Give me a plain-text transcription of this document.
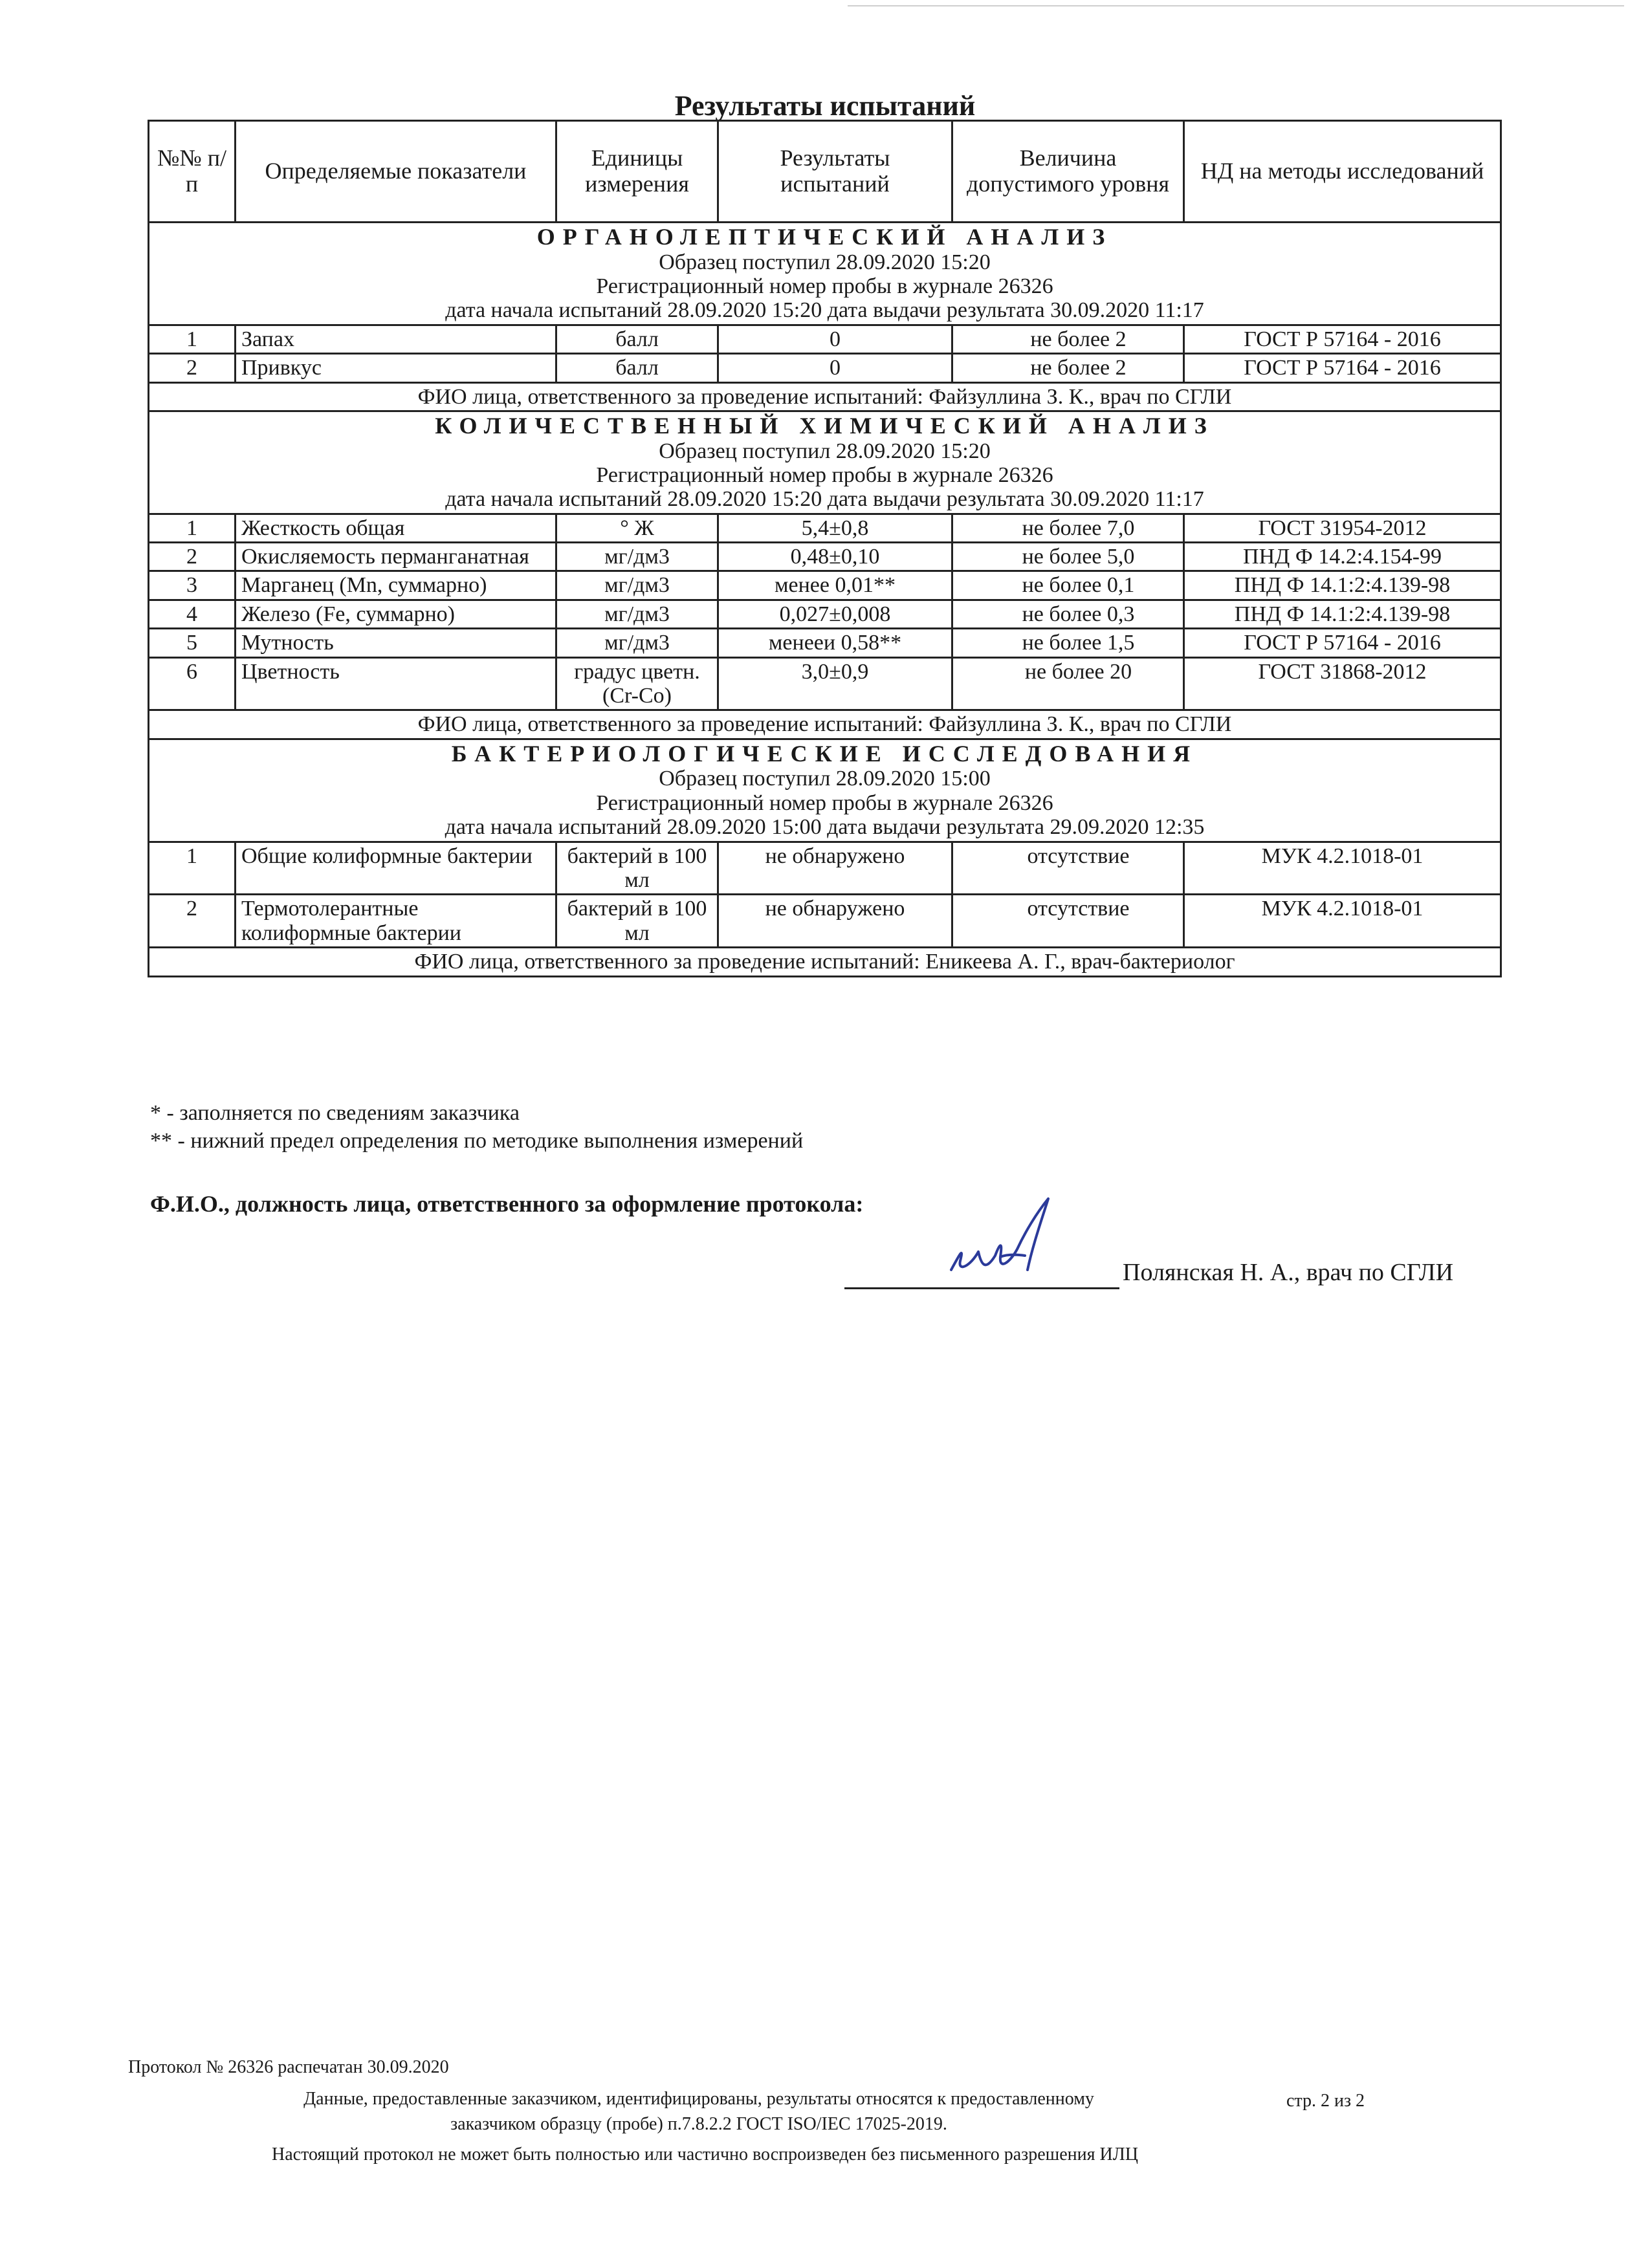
Результаты испытаний
№№ п/п	Определяемые показатели	Единицы измерения	Результаты испытаний	Величина допустимого уровня	НД на методы исследований

ОРГАНОЛЕПТИЧЕСКИЙ АНАЛИЗ
Образец поступил 28.09.2020 15:20
Регистрационный номер пробы в журнале 26326
дата начала испытаний 28.09.2020 15:20 дата выдачи результата 30.09.2020 11:17					

1	Запах	балл	0	не более 2	ГОСТ Р 57164 - 2016
2	Привкус	балл	0	не более 2	ГОСТ Р 57164 - 2016
ФИО лица, ответственного за проведение испытаний: Файзуллина З. К., врач по СГЛИ					

КОЛИЧЕСТВЕННЫЙ ХИМИЧЕСКИЙ АНАЛИЗ
Образец поступил 28.09.2020 15:20
Регистрационный номер пробы в журнале 26326
дата начала испытаний 28.09.2020 15:20 дата выдачи результата 30.09.2020 11:17					

1	Жесткость общая	° Ж	5,4±0,8	не более 7,0	ГОСТ 31954-2012
2	Окисляемость перманганатная	мг/дм3	0,48±0,10	не более 5,0	ПНД Ф 14.2:4.154-99
3	Марганец (Mn, суммарно)	мг/дм3	менее 0,01**	не более 0,1	ПНД Ф 14.1:2:4.139-98
4	Железо (Fe, суммарно)	мг/дм3	0,027±0,008	не более 0,3	ПНД Ф 14.1:2:4.139-98
5	Мутность	мг/дм3	менееи 0,58**	не более 1,5	ГОСТ Р 57164 - 2016
6	Цветность	градус цветн.(Cr-Co)	3,0±0,9	не более 20	ГОСТ 31868-2012
ФИО лица, ответственного за проведение испытаний: Файзуллина З. К., врач по СГЛИ					

БАКТЕРИОЛОГИЧЕСКИЕ ИССЛЕДОВАНИЯ
Образец поступил 28.09.2020 15:00
Регистрационный номер пробы в журнале 26326
дата начала испытаний 28.09.2020 15:00 дата выдачи результата 29.09.2020 12:35					

1	Общие колиформные бактерии	бактерий в 100 мл	не обнаружено	отсутствие	МУК 4.2.1018-01
2	Термотолерантные колиформные бактерии	бактерий в 100 мл	не обнаружено	отсутствие	МУК 4.2.1018-01
ФИО лица, ответственного за проведение испытаний: Еникеева А. Г., врач-бактериолог					
* - заполняется по сведениям заказчика
** - нижний предел определения по методике выполнения измерений
Ф.И.О., должность лица, ответственного за оформление протокола:
Полянская Н. А., врач по СГЛИ
Протокол № 26326 распечатан 30.09.2020
стр. 2 из 2
Данные, предоставленные заказчиком, идентифицированы, результаты относятся к предоставленному
заказчиком образцу (пробе) п.7.8.2.2 ГОСТ ISO/IEC 17025-2019.
Настоящий протокол не может быть полностью или частично воспроизведен без письменного разрешения ИЛЦ
